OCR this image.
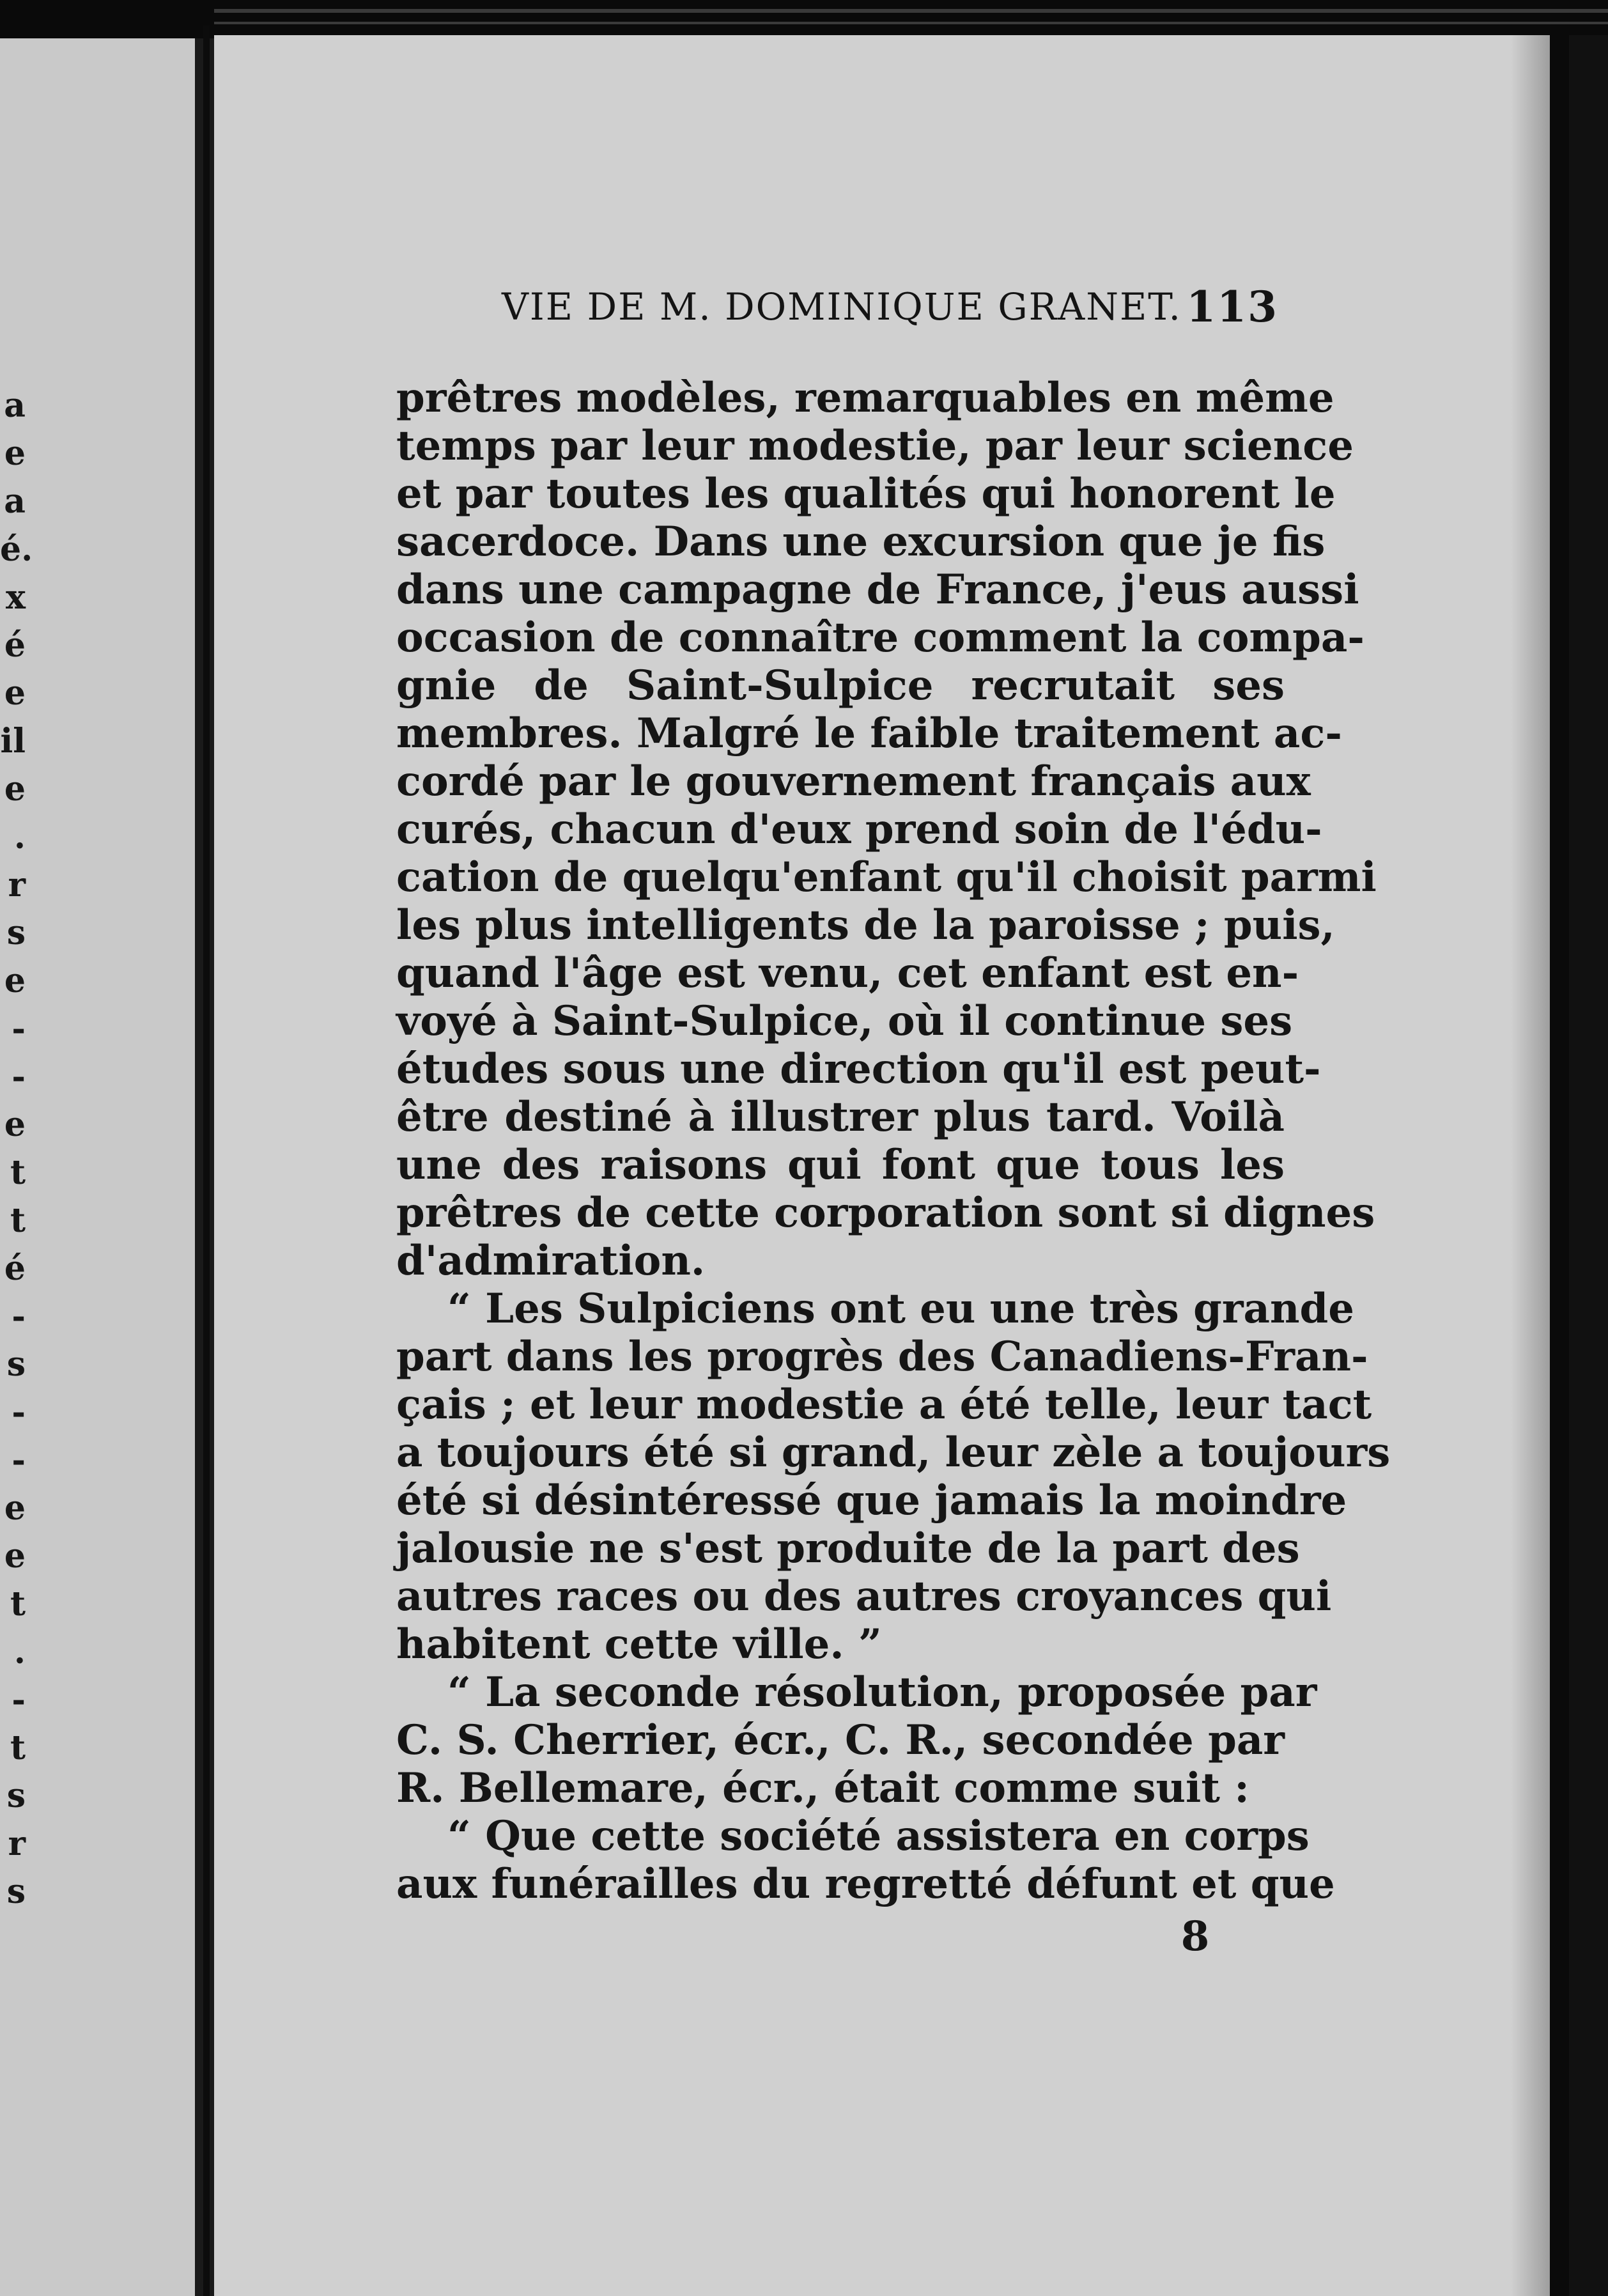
a
e
a
é.
x
é
e
il
e
.
r
s
e
-
-
e
t
t
é
-
s
-
-
e
e
t
.
-
t
s
r
s
VIE DE M. DOMINIQUE GRANET. 113
prêtres modèles, remarquables en même
temps par leur modestie, par leur science
et par toutes les qualités qui honorent le
sacerdoce. Dans une excursion que je fis
dans une campagne de France, j'eus aussi
occasion de connaître comment la compa-
gnie de Saint-Sulpice recrutait ses
membres. Malgré le faible traitement ac-
cordé par le gouvernement français aux
curés, chacun d'eux prend soin de l'édu-
cation de quelqu'enfant qu'il choisit parmi
les plus intelligents de la paroisse ; puis,
quand l'âge est venu, cet enfant est en-
voyé à Saint-Sulpice, où il continue ses
études sous une direction qu'il est peut-
être destiné à illustrer plus tard. Voilà
une des raisons qui font que tous les
prêtres de cette corporation sont si dignes
d'admiration.
“ Les Sulpiciens ont eu une très grande
part dans les progrès des Canadiens-Fran-
çais ; et leur modestie a été telle, leur tact
a toujours été si grand, leur zèle a toujours
été si désintéressé que jamais la moindre
jalousie ne s'est produite de la part des
autres races ou des autres croyances qui
habitent cette ville. ”
“ La seconde résolution, proposée par
C. S. Cherrier, écr., C. R., secondée par
R. Bellemare, écr., était comme suit :
“ Que cette société assistera en corps
aux funérailles du regretté défunt et que
8
